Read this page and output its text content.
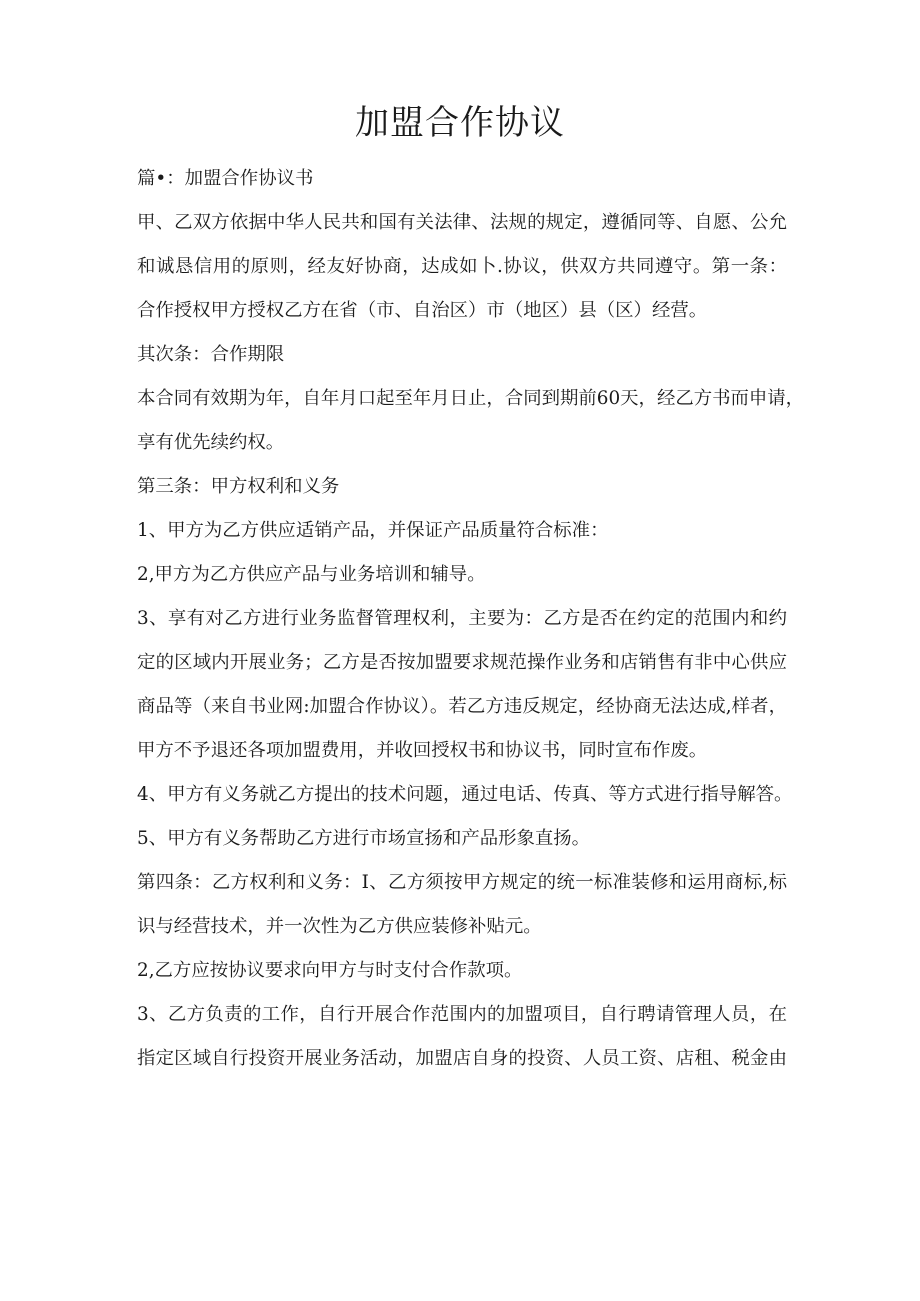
加盟合作协议

篇•：加盟合作协议书

甲、乙双方依据中华人民共和国有关法律、法规的规定，遵循同等、自愿、公允

和诚恳信用的原则，经友好协商，达成如卜.协议，供双方共同遵守。第一条：

合作授权甲方授权乙方在省（市、自治区）市（地区）县（区）经营。

其次条：合作期限

本合同有效期为年，自年月口起至年月日止，合同到期前60天，经乙方书而申请，

享有优先续约权。

第三条：甲方权利和义务

1、甲方为乙方供应适销产品，并保证产品质量符合标准：

2,甲方为乙方供应产品与业务培训和辅导。

3、享有对乙方进行业务监督管理权利，主要为：乙方是否在约定的范围内和约

定的区域内开展业务；乙方是否按加盟要求规范操作业务和店销售有非中心供应

商品等（来自书业网:加盟合作协议）。若乙方违反规定，经协商无法达成,样者，

甲方不予退还各项加盟费用，并收回授权书和协议书，同时宣布作废。

4、甲方有义务就乙方提出的技术问题，通过电话、传真、等方式进行指导解答。

5、甲方有义务帮助乙方进行市场宣扬和产品形象直扬。

第四条：乙方权利和义务：I、乙方须按甲方规定的统一标准装修和运用商标,标

识与经营技术，并一次性为乙方供应装修补贴元。

2,乙方应按协议要求向甲方与时支付合作款项。

3、乙方负责的工作，自行开展合作范围内的加盟项目，自行聘请管理人员，在

指定区域自行投资开展业务活动，加盟店自身的投资、人员工资、店租、税金由
